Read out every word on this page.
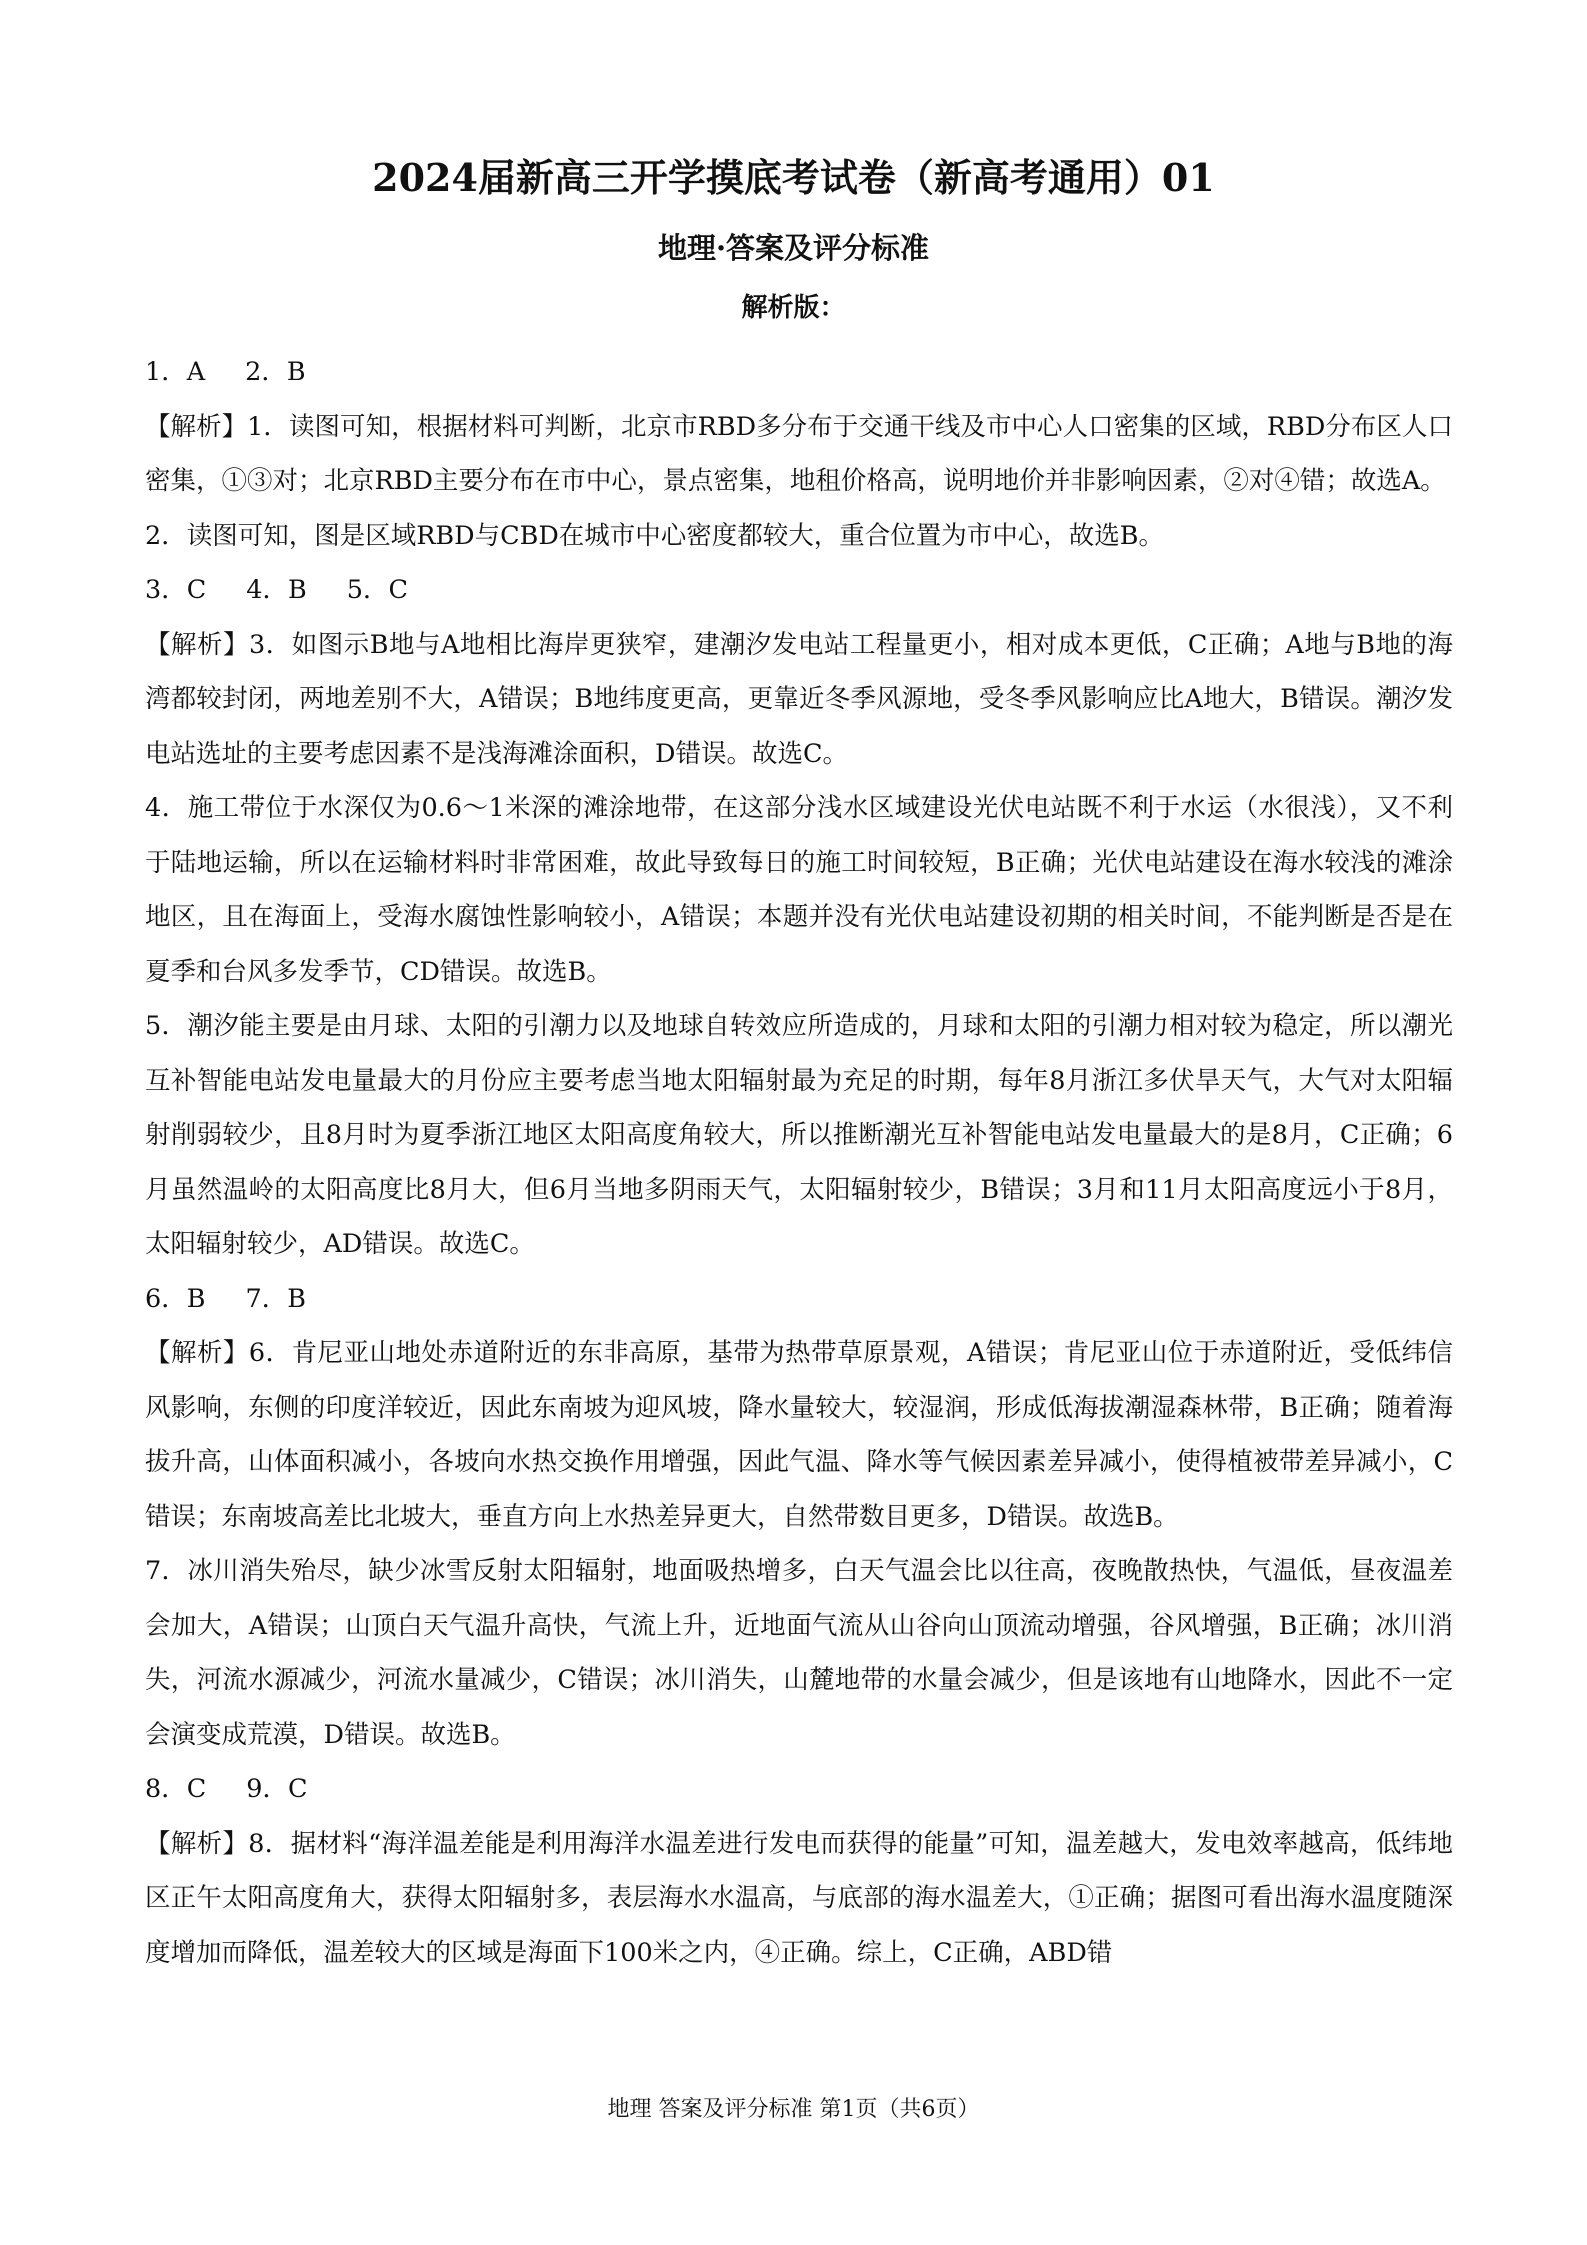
2024届新高三开学摸底考试卷（新高考通用）01
地理·答案及评分标准
解析版：

1．A 2．B

【解析】1．读图可知，根据材料可判断，北京市RBD多分布于交通干线及市中心人口密集的区域，RBD分布区人口密集，①③对；北京RBD主要分布在市中心，景点密集，地租价格高，说明地价并非影响因素，②对④错；故选A。

2．读图可知，图是区域RBD与CBD在城市中心密度都较大，重合位置为市中心，故选B。

3．C 4．B 5．C

【解析】3．如图示B地与A地相比海岸更狭窄，建潮汐发电站工程量更小，相对成本更低，C正确；A地与B地的海湾都较封闭，两地差别不大，A错误；B地纬度更高，更靠近冬季风源地，受冬季风影响应比A地大，B错误。潮汐发电站选址的主要考虑因素不是浅海滩涂面积，D错误。故选C。

4．施工带位于水深仅为0.6～1米深的滩涂地带，在这部分浅水区域建设光伏电站既不利于水运（水很浅），又不利于陆地运输，所以在运输材料时非常困难，故此导致每日的施工时间较短，B正确；光伏电站建设在海水较浅的滩涂地区，且在海面上，受海水腐蚀性影响较小，A错误；本题并没有光伏电站建设初期的相关时间，不能判断是否是在夏季和台风多发季节，CD错误。故选B。

5．潮汐能主要是由月球、太阳的引潮力以及地球自转效应所造成的，月球和太阳的引潮力相对较为稳定，所以潮光互补智能电站发电量最大的月份应主要考虑当地太阳辐射最为充足的时期，每年8月浙江多伏旱天气，大气对太阳辐射削弱较少，且8月时为夏季浙江地区太阳高度角较大，所以推断潮光互补智能电站发电量最大的是8月，C正确；6月虽然温岭的太阳高度比8月大，但6月当地多阴雨天气，太阳辐射较少，B错误；3月和11月太阳高度远小于8月，太阳辐射较少，AD错误。故选C。

6．B 7．B

【解析】6．肯尼亚山地处赤道附近的东非高原，基带为热带草原景观，A错误；肯尼亚山位于赤道附近，受低纬信风影响，东侧的印度洋较近，因此东南坡为迎风坡，降水量较大，较湿润，形成低海拔潮湿森林带，B正确；随着海拔升高，山体面积减小，各坡向水热交换作用增强，因此气温、降水等气候因素差异减小，使得植被带差异减小，C错误；东南坡高差比北坡大，垂直方向上水热差异更大，自然带数目更多，D错误。故选B。

7．冰川消失殆尽，缺少冰雪反射太阳辐射，地面吸热增多，白天气温会比以往高，夜晚散热快，气温低，昼夜温差会加大，A错误；山顶白天气温升高快，气流上升，近地面气流从山谷向山顶流动增强，谷风增强，B正确；冰川消失，河流水源减少，河流水量减少，C错误；冰川消失，山麓地带的水量会减少，但是该地有山地降水，因此不一定会演变成荒漠，D错误。故选B。

8．C 9．C

【解析】8．据材料“海洋温差能是利用海洋水温差进行发电而获得的能量”可知，温差越大，发电效率越高，低纬地区正午太阳高度角大，获得太阳辐射多，表层海水水温高，与底部的海水温差大，①正确；据图可看出海水温度随深度增加而降低，温差较大的区域是海面下100米之内，④正确。综上，C正确，ABD错

地理 答案及评分标准 第1页（共6页）
